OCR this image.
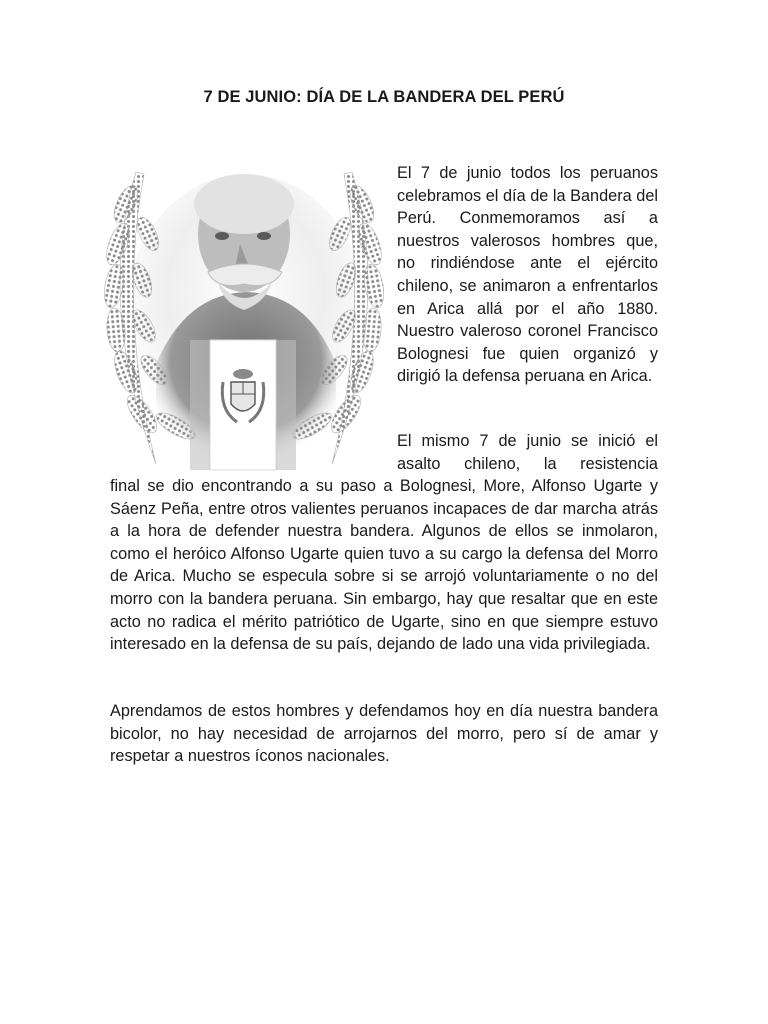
7 DE JUNIO: DÍA DE LA BANDERA DEL PERÚ

El 7 de junio todos los peruanos celebramos el día de la Bandera del Perú. Conmemoramos así a nuestros valerosos hombres que, no rindiéndose ante el ejército chileno, se animaron a enfrentarlos en Arica allá por el año 1880. Nuestro valeroso coronel Francisco Bolognesi fue quien organizó y dirigió la defensa peruana en Arica.

El mismo 7 de junio se inició el asalto chileno, la resistencia

final se dio encontrando a su paso a Bolognesi, More, Alfonso Ugarte y Sáenz Peña, entre otros valientes peruanos incapaces de dar marcha atrás a la hora de defender nuestra bandera. Algunos de ellos se inmolaron, como el heróico Alfonso Ugarte quien tuvo a su cargo la defensa del Morro de Arica. Mucho se especula sobre si se arrojó voluntariamente o no del morro con la bandera peruana. Sin embargo, hay que resaltar que en este acto no radica el mérito patriótico de Ugarte, sino en que siempre estuvo interesado en la defensa de su país, dejando de lado una vida privilegiada.

Aprendamos de estos hombres y defendamos hoy en día nuestra bandera bicolor, no hay necesidad de arrojarnos del morro, pero sí de amar y respetar a nuestros íconos nacionales.
